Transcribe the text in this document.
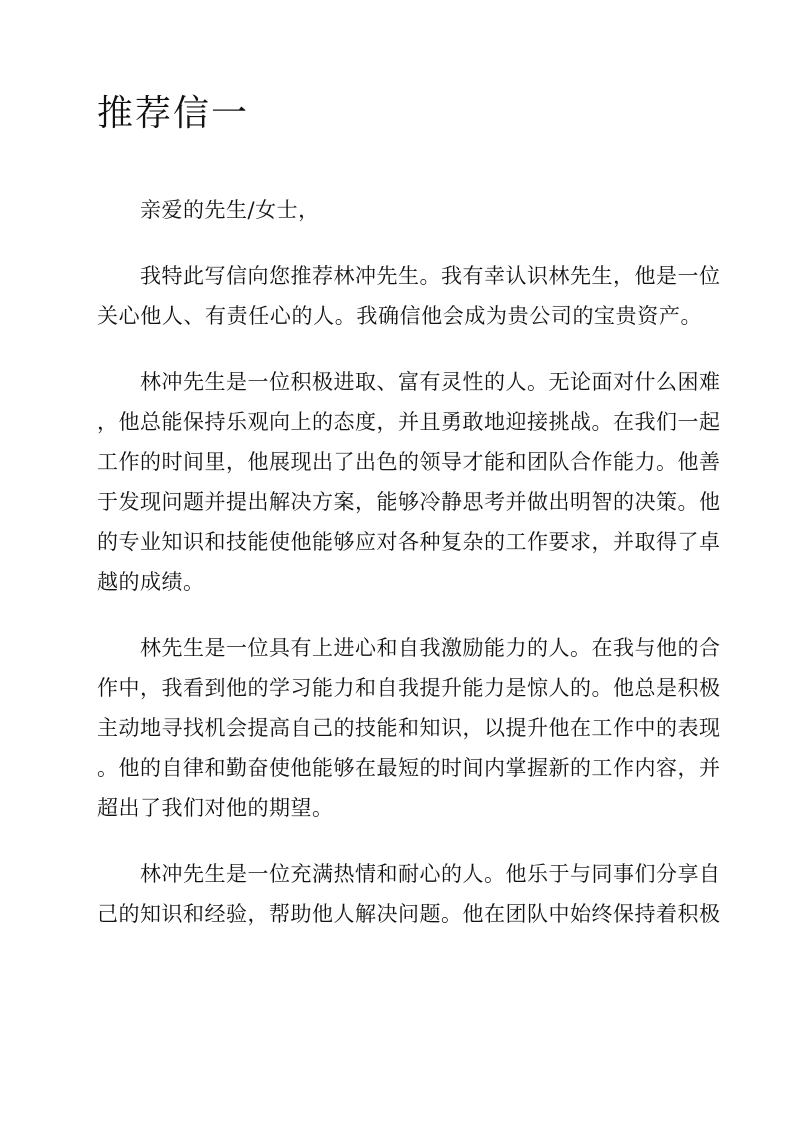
推荐信一

亲爱的先生/女士，

我特此写信向您推荐林冲先生。我有幸认识林先生，他是一位
关心他人、有责任心的人。我确信他会成为贵公司的宝贵资产。

林冲先生是一位积极进取、富有灵性的人。无论面对什么困难
，他总能保持乐观向上的态度，并且勇敢地迎接挑战。在我们一起
工作的时间里，他展现出了出色的领导才能和团队合作能力。他善
于发现问题并提出解决方案，能够冷静思考并做出明智的决策。他
的专业知识和技能使他能够应对各种复杂的工作要求，并取得了卓
越的成绩。

林先生是一位具有上进心和自我激励能力的人。在我与他的合
作中，我看到他的学习能力和自我提升能力是惊人的。他总是积极
主动地寻找机会提高自己的技能和知识，以提升他在工作中的表现
。他的自律和勤奋使他能够在最短的时间内掌握新的工作内容，并
超出了我们对他的期望。

林冲先生是一位充满热情和耐心的人。他乐于与同事们分享自
己的知识和经验，帮助他人解决问题。他在团队中始终保持着积极
